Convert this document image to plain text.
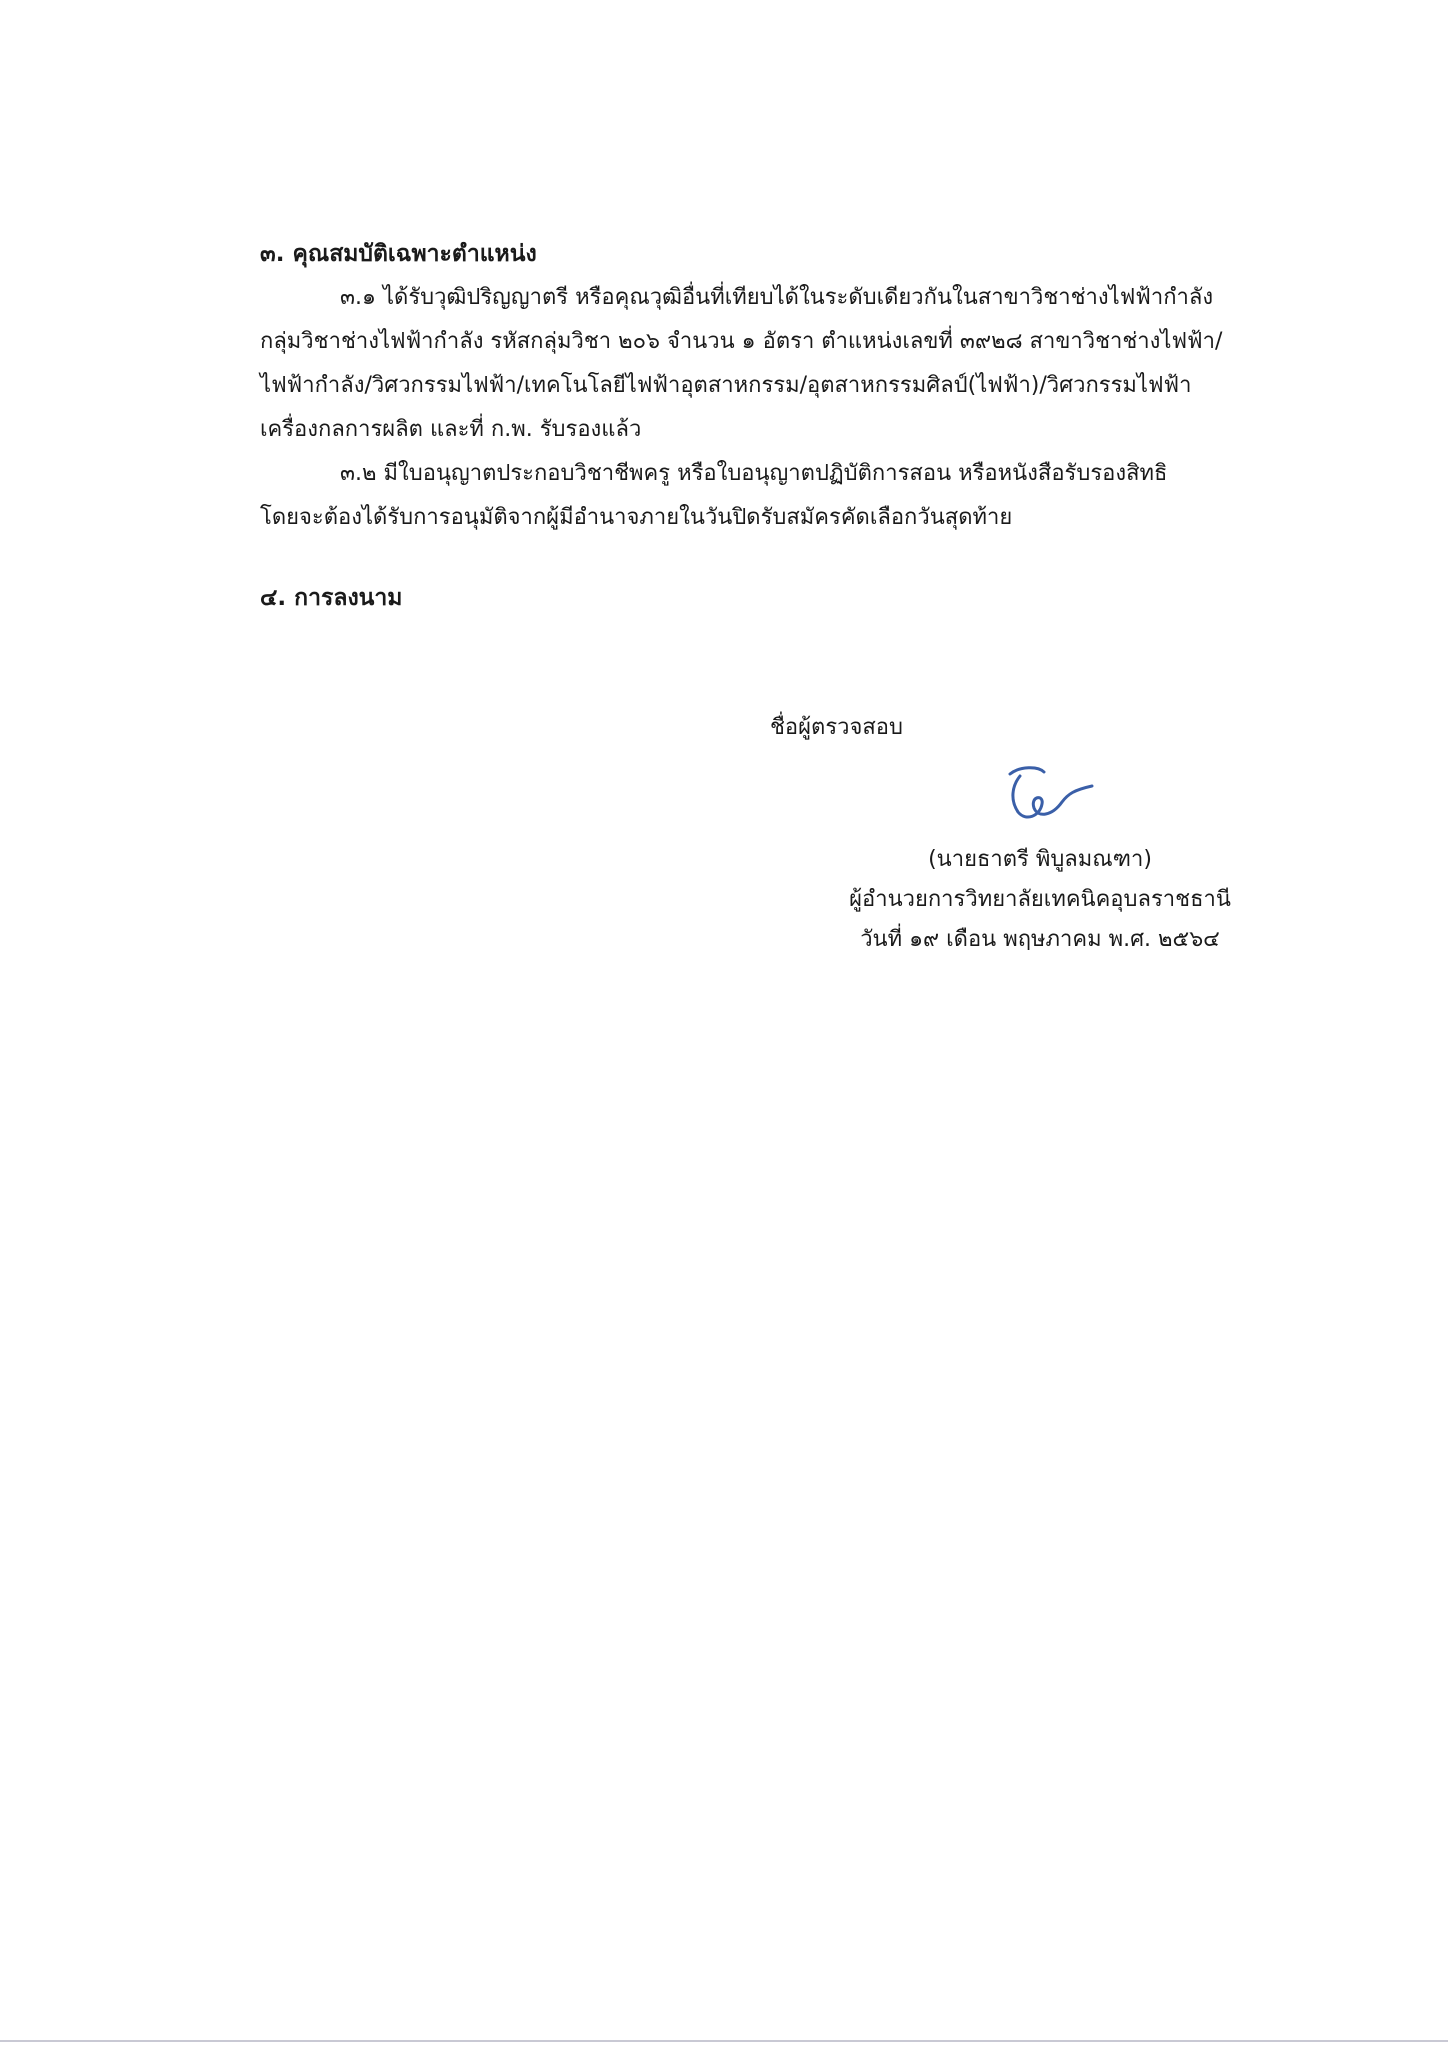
๓. คุณสมบัติเฉพาะตำแหน่ง
๓.๑ ได้รับวุฒิปริญญาตรี หรือคุณวุฒิอื่นที่เทียบได้ในระดับเดียวกันในสาขาวิชาช่างไฟฟ้ากำลัง
กลุ่มวิชาช่างไฟฟ้ากำลัง รหัสกลุ่มวิชา ๒๐๖ จำนวน ๑ อัตรา ตำแหน่งเลขที่ ๓๙๒๘ สาขาวิชาช่างไฟฟ้า/
ไฟฟ้ากำลัง/วิศวกรรมไฟฟ้า/เทคโนโลยีไฟฟ้าอุตสาหกรรม/อุตสาหกรรมศิลป์(ไฟฟ้า)/วิศวกรรมไฟฟ้า
เครื่องกลการผลิต และที่ ก.พ. รับรองแล้ว
๓.๒ มีใบอนุญาตประกอบวิชาชีพครู หรือใบอนุญาตปฏิบัติการสอน หรือหนังสือรับรองสิทธิ
โดยจะต้องได้รับการอนุมัติจากผู้มีอำนาจภายในวันปิดรับสมัครคัดเลือกวันสุดท้าย
๔. การลงนาม
ชื่อผู้ตรวจสอบ
(นายธาตรี พิบูลมณฑา)
ผู้อำนวยการวิทยาลัยเทคนิคอุบลราชธานี
วันที่ ๑๙ เดือน พฤษภาคม พ.ศ. ๒๕๖๔
